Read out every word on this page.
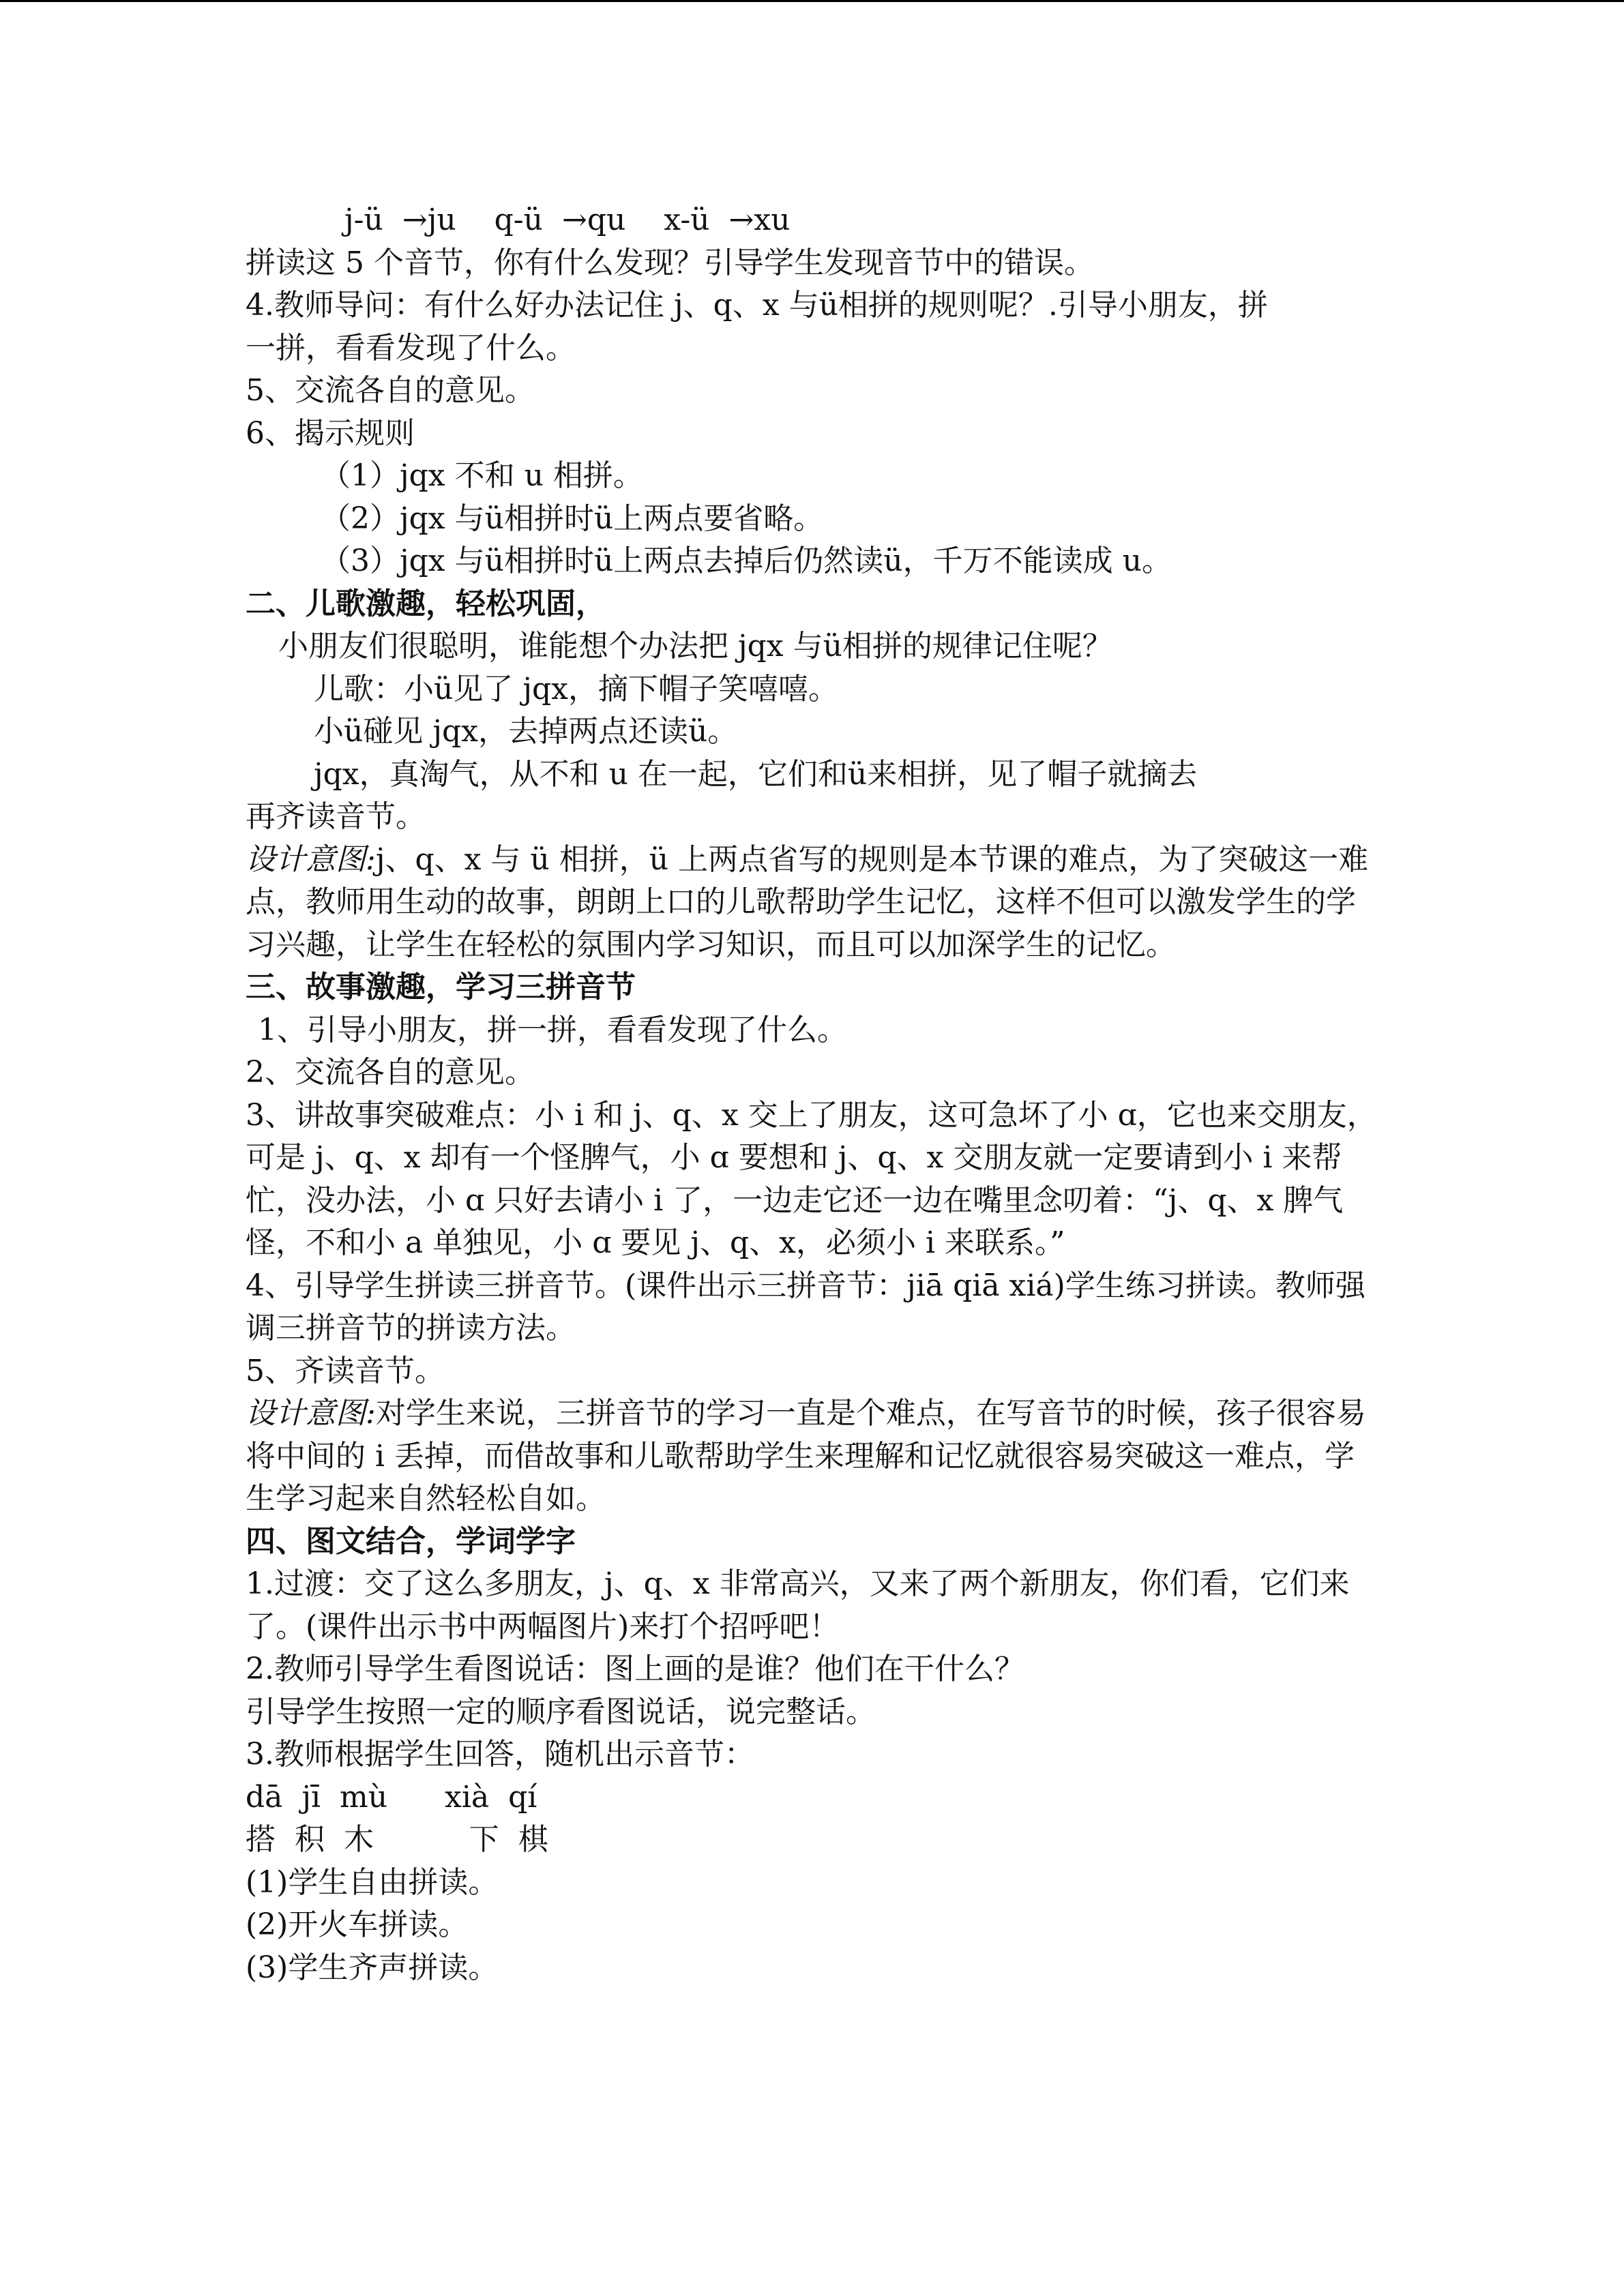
j-ü  →ju    q-ü  →qu    x-ü  →xu
拼读这 5 个音节，你有什么发现？引导学生发现音节中的错误。
4.教师导问：有什么好办法记住 j、q、x 与ü相拼的规则呢？.引导小朋友，拼
一拼，看看发现了什么。
5、交流各自的意见。
6、揭示规则
（1）jqx 不和 u 相拼。
（2）jqx 与ü相拼时ü上两点要省略。
（3）jqx 与ü相拼时ü上两点去掉后仍然读ü，千万不能读成 u。
二、儿歌激趣，轻松巩固，
小朋友们很聪明，谁能想个办法把 jqx 与ü相拼的规律记住呢？
儿歌：小ü见了 jqx，摘下帽子笑嘻嘻。
小ü碰见 jqx，去掉两点还读ü。
jqx，真淘气，从不和 u 在一起，它们和ü来相拼，见了帽子就摘去
再齐读音节。
设计意图:j、q、x 与 ü 相拼，ü 上两点省写的规则是本节课的难点，为了突破这一难点，教师用生动的故事，朗朗上口的儿歌帮助学生记忆，这样不但可以激发学生的学习兴趣，让学生在轻松的氛围内学习知识，而且可以加深学生的记忆。
三、故事激趣，学习三拼音节
1、引导小朋友，拼一拼，看看发现了什么。
2、交流各自的意见。
3、讲故事突破难点：小 i 和 j、q、x 交上了朋友，这可急坏了小 ɑ，它也来交朋友，可是 j、q、x 却有一个怪脾气，小 ɑ 要想和 j、q、x 交朋友就一定要请到小 i 来帮忙，没办法，小 ɑ 只好去请小 i 了，一边走它还一边在嘴里念叨着：“j、q、x 脾气怪，不和小 a 单独见，小 ɑ 要见 j、q、x，必须小 i 来联系。”
4、引导学生拼读三拼音节。(课件出示三拼音节：jiā qiā xiá)学生练习拼读。教师强调三拼音节的拼读方法。
5、齐读音节。
设计意图:对学生来说，三拼音节的学习一直是个难点，在写音节的时候，孩子很容易将中间的 i 丢掉，而借故事和儿歌帮助学生来理解和记忆就很容易突破这一难点，学生学习起来自然轻松自如。
四、图文结合，学词学字
1.过渡：交了这么多朋友，j、q、x 非常高兴，又来了两个新朋友，你们看，它们来了。(课件出示书中两幅图片)来打个招呼吧！
2.教师引导学生看图说话：图上画的是谁？他们在干什么？
引导学生按照一定的顺序看图说话，说完整话。
3.教师根据学生回答，随机出示音节：
dā  jī  mù      xià  qí
搭  积  木          下  棋
(1)学生自由拼读。
(2)开火车拼读。
(3)学生齐声拼读。
